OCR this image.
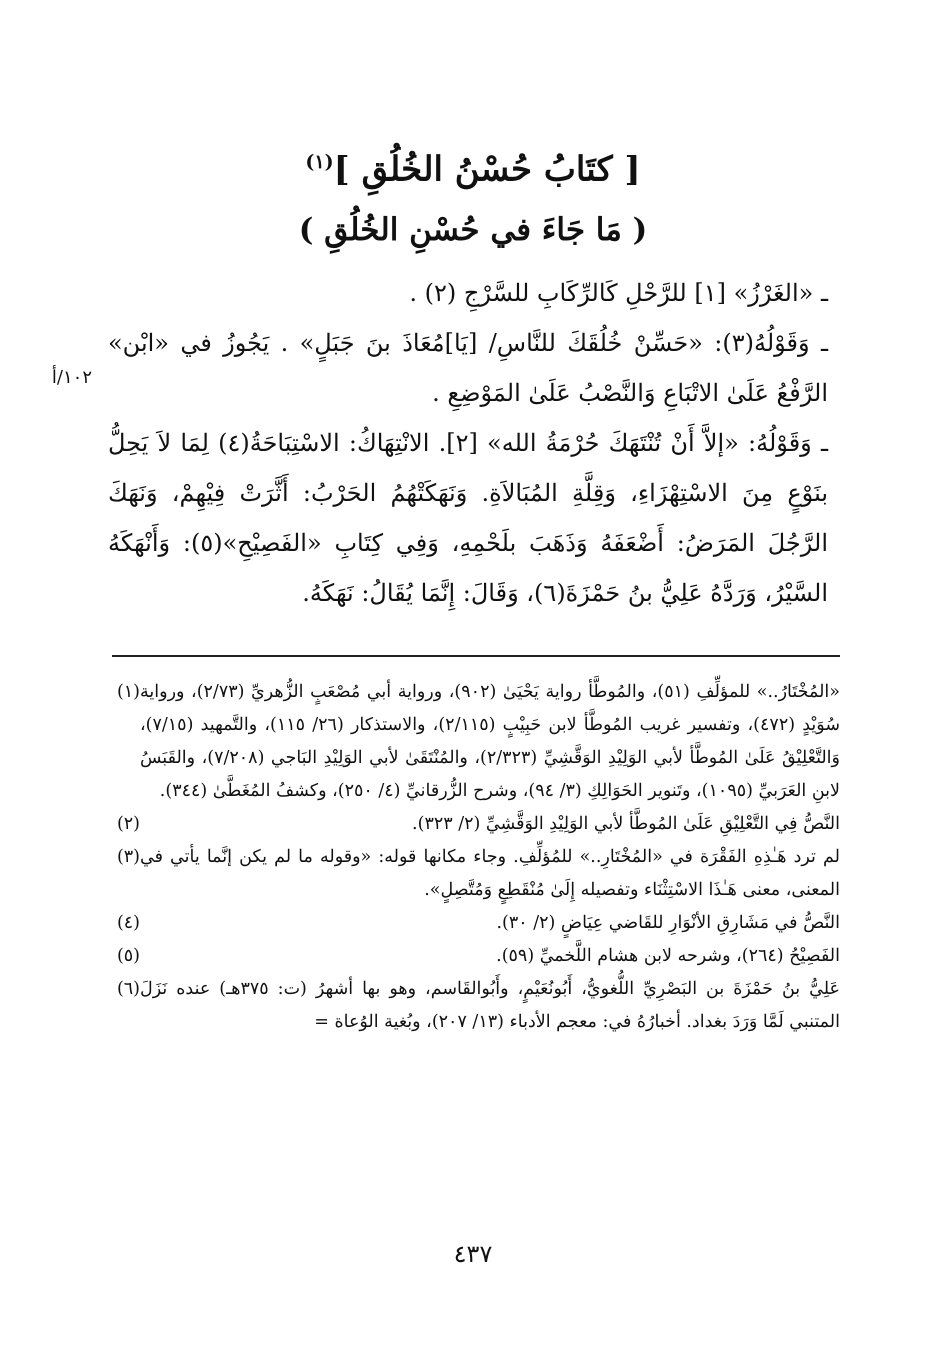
[ كتَابُ حُسْنُ الخُلُقِ ]$^{(١)}$
( مَا جَاءَ في حُسْنِ الخُلُقِ )
١٠٢/أ

ـ «الغَرْزُ» [١] للرَّحْلِ كَالرِّكَابِ للسَّرْجِ (٢) .

ـ وَقَوْلُهُ(٣): «حَسِّنْ خُلُقَكَ للنَّاسِ/ [يَا]مُعَاذَ بنَ جَبَلٍ» . يَجُوزُ في «ابْن» الرَّفْعُ عَلَىٰ الاتْبَاعِ وَالنَّصْبُ عَلَىٰ المَوْضِعِ .

ـ وَقَوْلُهُ: «إلاَّ أَنْ تُنْتَهَكَ حُرْمَةُ الله» [٢]. الانْتِهَاكُ: الاسْتِبَاحَةُ(٤) لِمَا لاَ يَحِلُّ بنَوْعٍ مِنَ الاسْتِهْزَاءِ، وَقِلَّةِ المُبَالاَةِ. وَنَهَكَتْهُمُ الحَرْبُ: أَثَّرَتْ فِيْهِمْ، وَنَهَكَ الرَّجُلَ المَرَضُ: أَضْعَفَهُ وَذَهَبَ بلَحْمِهِ، وَفِي كِتَابِ «الفَصِيْحِ»(٥): وَأَنْهَكَهُ السَّيْرُ، وَرَدَّهُ عَلِيُّ بنُ حَمْزَةَ(٦)، وَقَالَ: إِنَّمَا يُقَالُ: نَهَكَهُ.

(١) «المُخْتَارُ..» للمؤلِّفِ (٥١)، والمُوطَّأ رواية يَحْيَىٰ (٩٠٢)، ورواية أبي مُصْعَبٍ الزُّهريِّ (٢/٧٣)، ورواية سُوَيْدٍ (٤٧٢)، وتفسير غريب المُوطَّأ لابن حَبِيْبٍ (٢/١١٥)، والاستذكار (٢٦/ ١١٥)، والتَّمهيد (٧/١٥)، وَالتَّعْلِيْقُ عَلَىٰ المُوطَّأ لأبي الوَلِيْدِ الوَقَّشِيِّ (٢/٣٢٣)، والمُنْتَقَىٰ لأبي الوَلِيْدِ البَاجي (٧/٢٠٨)، والقَبَسُ لابنِ العَرَبيِّ (١٠٩٥)، وتَنوير الحَوَالِكِ (٣/ ٩٤)، وشرح الزُّرقانيِّ (٤/ ٢٥٠)، وكشفُ المُغَطَّىٰ (٣٤٤).
(٢)	النَّصُّ فِي التَّعْلِيْقِ عَلَىٰ المُوطَّأ لأبي الوَلِيْدِ الوَقَّشِيِّ (٢/ ٣٢٣).
(٣) لم ترد هَـٰذِهِ الفَقْرَة في «المُخْتَارِ..» للمُؤلِّفِ. وجاء مكانها قوله: «وقوله ما لم يكن إنَّما يأتي في المعنى، معنى هَـٰذَا الاسْتِثْنَاء وتفصيله إِلَىٰ مُنْقَطِعٍ وَمُتَّصِلٍ».
(٤)	النَّصُّ في مَشَارِقِ الأنْوَارِ للقَاضي عِيَاضٍ (٢/ ٣٠).
(٥)	الفَصِيْحُ (٢٦٤)، وشرحه لابن هشام اللَّخميِّ (٥٩).
(٦) عَلِيُّ بنُ حَمْزَةَ بن البَصْرِيِّ اللُّغويُّ، أَبُونُعَيْمٍ، وأَبُوالقَاسم، وهو بها أشهرُ (ت: ٣٧٥هـ) عنده نَزَلَ المتنبي لَمَّا وَرَدَ بغداد. أخبارُهُ في: معجم الأدباء (١٣/ ٢٠٧)، وبُغية الوُعاة =
٤٣٧
